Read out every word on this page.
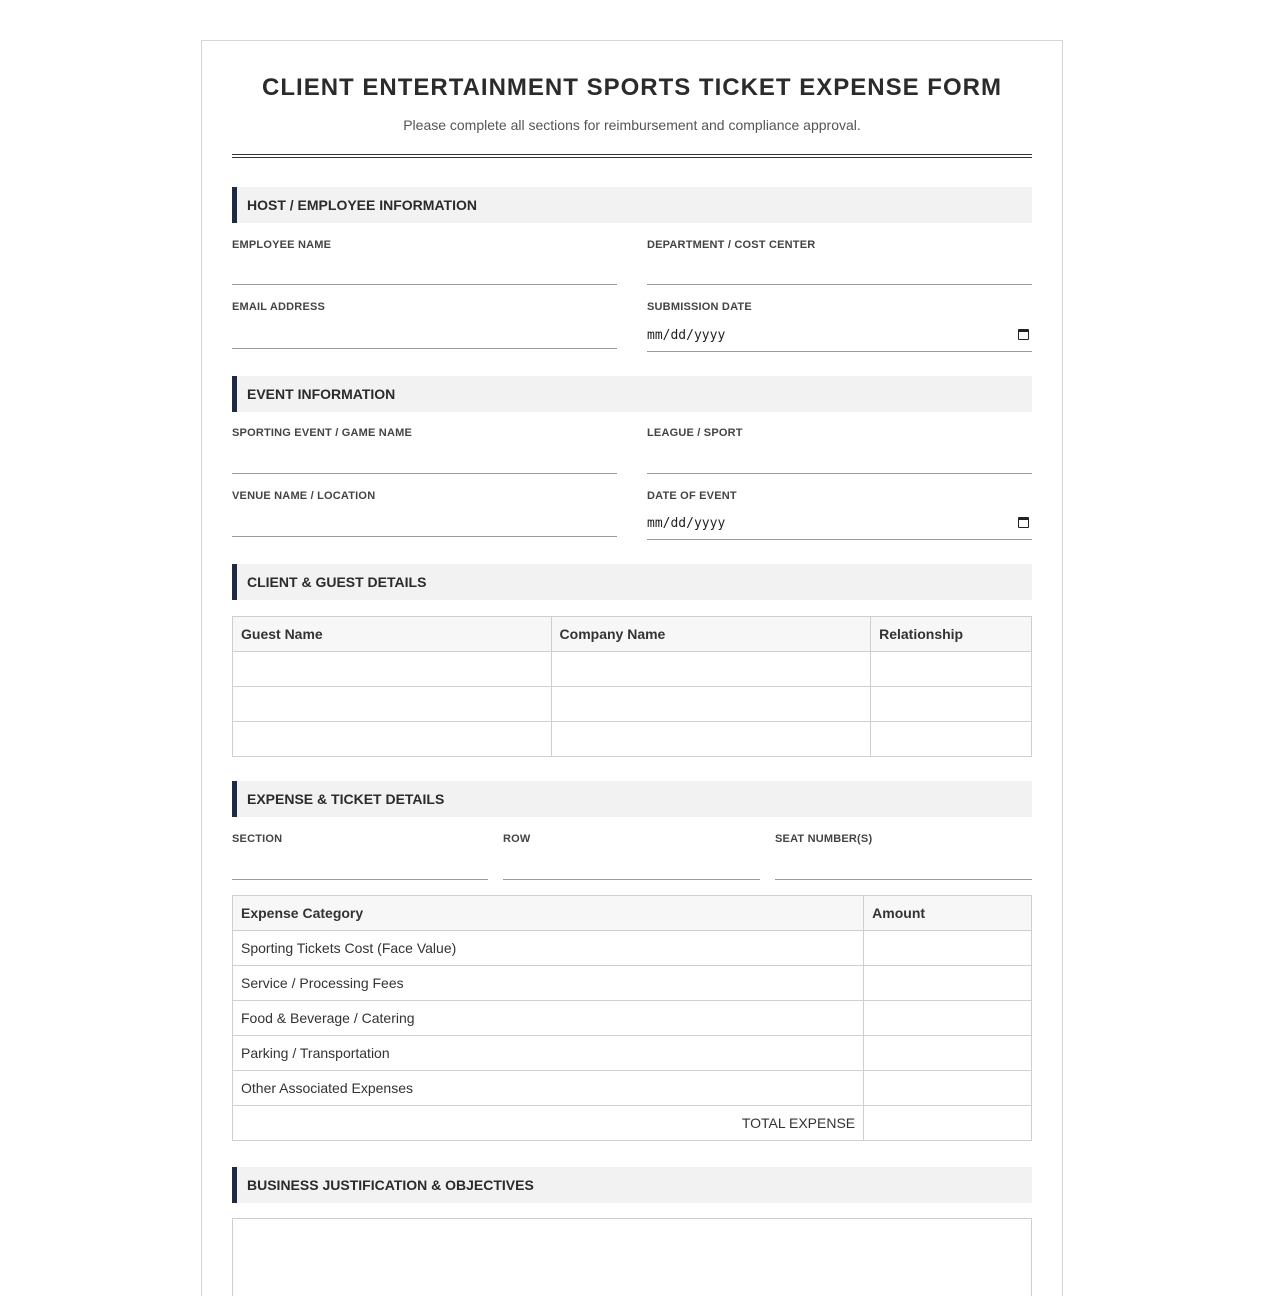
CLIENT ENTERTAINMENT SPORTS TICKET EXPENSE FORM
Please complete all sections for reimbursement and compliance approval.
HOST / EMPLOYEE INFORMATION
EMPLOYEE NAME	DEPARTMENT / COST CENTER
EMAIL ADDRESS	SUBMISSION DATE
mm/dd/yyyy
EVENT INFORMATION
SPORTING EVENT / GAME NAME	LEAGUE / SPORT
VENUE NAME / LOCATION	DATE OF EVENT
mm/dd/yyyy
CLIENT & GUEST DETAILS
Guest Name	Company Name	Relationship

EXPENSE & TICKET DETAILS
SECTION	ROW	SEAT NUMBER(S)
Expense Category	Amount
Sporting Tickets Cost (Face Value)	
Service / Processing Fees	
Food & Beverage / Catering	
Parking / Transportation	
Other Associated Expenses	
TOTAL EXPENSE	
BUSINESS JUSTIFICATION & OBJECTIVES
